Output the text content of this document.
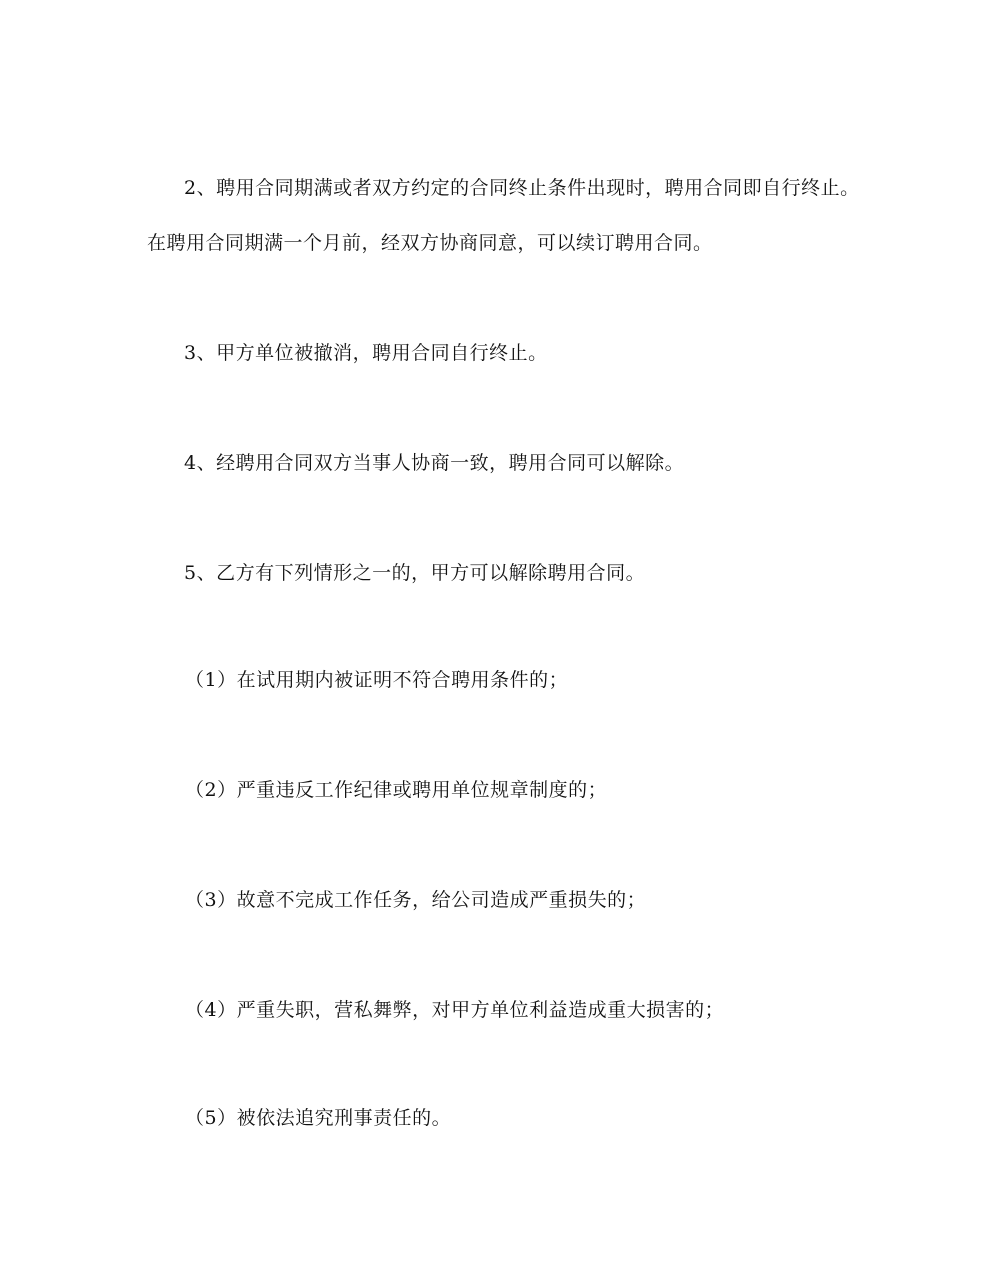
2、聘用合同期满或者双方约定的合同终止条件出现时，聘用合同即自行终止。
在聘用合同期满一个月前，经双方协商同意，可以续订聘用合同。
3、甲方单位被撤消，聘用合同自行终止。
4、经聘用合同双方当事人协商一致，聘用合同可以解除。
5、乙方有下列情形之一的，甲方可以解除聘用合同。
（1）在试用期内被证明不符合聘用条件的；
（2）严重违反工作纪律或聘用单位规章制度的；
（3）故意不完成工作任务，给公司造成严重损失的；
（4）严重失职，营私舞弊，对甲方单位利益造成重大损害的；
（5）被依法追究刑事责任的。
